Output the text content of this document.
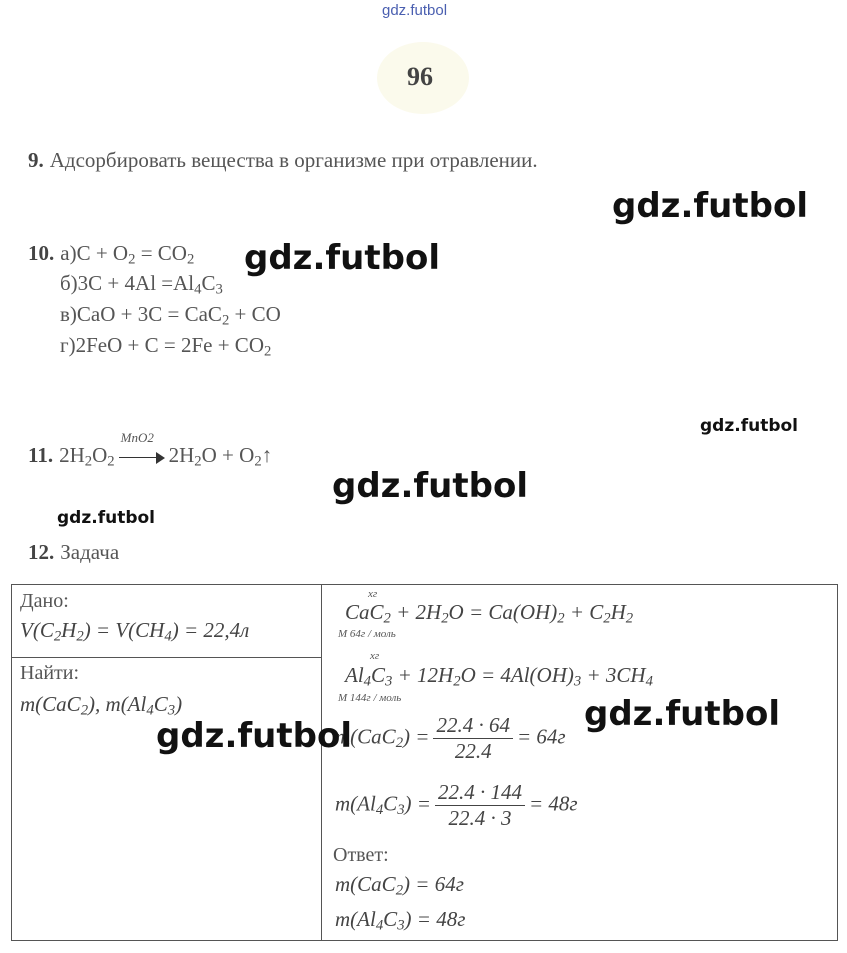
gdz.futbol
96
9. Адсорбировать вещества в организме при отравлении.
10. $а)C + O_2 = CO_2$
$б)3C + 4Al =Al_4C_3$
в)CaO + 3C = CaC$_2$ + CO
$г)2FeO + C = 2Fe + CO_2$
11. $2H_2O_2$
MnO2
$2H_2O$ + $O_2↑$
12. Задача
Дано:
$V(C_2H_2) = V(CH_4) = 22,4л$
Найти:
m(CaC$_2$), $m(Al_4C_3)$
xг
$CaC_2 + 2H_2O = Ca(OH)_2 + C_2H_2$
M 64г / моль
xг
$Al_4C_3 + 12H_2O = 4Al(OH)_3 + 3CH_4$
M 144г / моль
$m(CaC_2) = \frac{22.4 \cdot 64}{22.4} = 64г$
$m(Al_4C_3) = \frac{22.4 \cdot 144}{22.4 \cdot 3} = 48г$
Ответ:
m(CaC$_2$) = 64г
$m(Al_4C_3) = 48г$
gdz.futbol
gdz.futbol
gdz.futbol
gdz.futbol
gdz.futbol
gdz.futbol
gdz.futbol
